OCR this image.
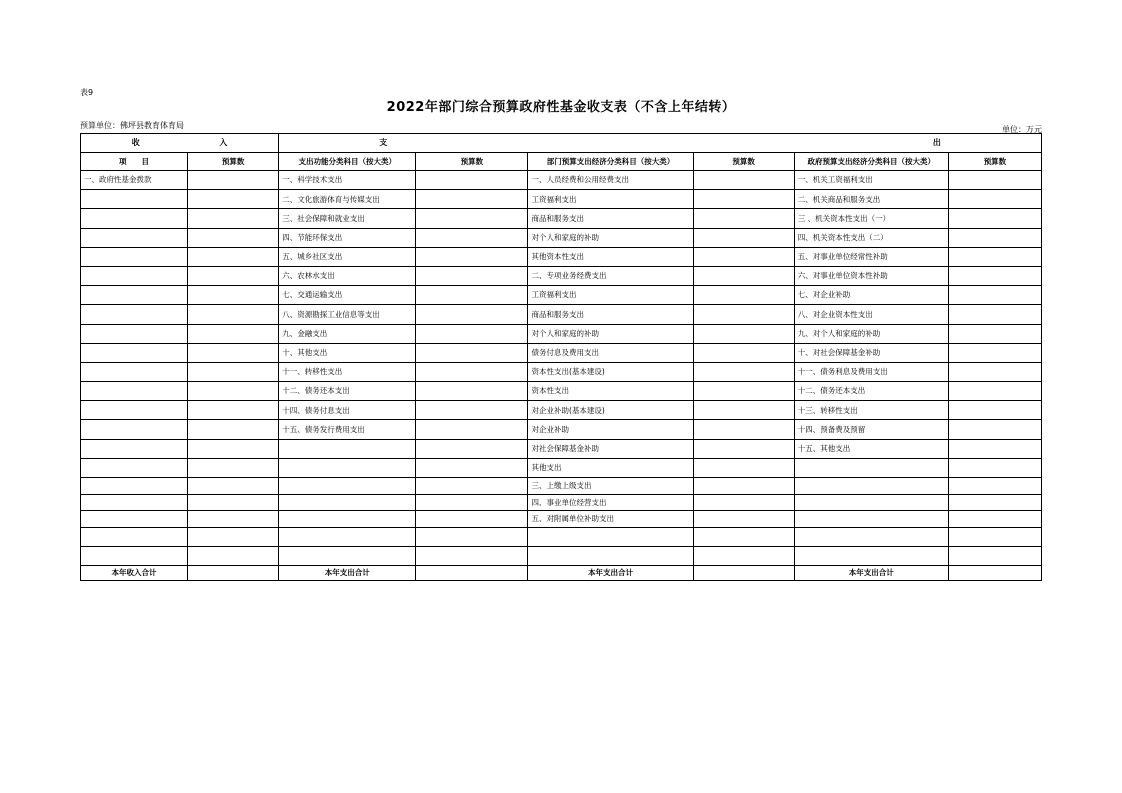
表9
2022年部门综合预算政府性基金收支表（不含上年结转）
预算单位：佛坪县教育体育局	单位：万元
收 入		支 出					
项　　目	预算数	支出功能分类科目（按大类）	预算数	部门预算支出经济分类科目（按大类）	预算数	政府预算支出经济分类科目（按大类）	预算数
一、政府性基金拨款		一、科学技术支出		一、人员经费和公用经费支出		一、机关工资福利支出	
		二、文化旅游体育与传媒支出		工资福利支出		二、机关商品和服务支出	
		三、社会保障和就业支出		商品和服务支出		三 、机关资本性支出（一）	
		四、节能环保支出		对个人和家庭的补助		四、机关资本性支出（二）	
		五、城乡社区支出		其他资本性支出		五、对事业单位经常性补助	
		六、农林水支出		二、专项业务经费支出		六、对事业单位资本性补助	
		七、交通运输支出		工资福利支出		七、对企业补助	
		八、资源勘探工业信息等支出		商品和服务支出		八、对企业资本性支出	
		九、金融支出		对个人和家庭的补助		九、对个人和家庭的补助	
		十、其他支出		债务付息及费用支出		十、对社会保障基金补助	
		十一、转移性支出		资本性支出(基本建设)		十一、债务利息及费用支出	
		十二、债务还本支出		资本性支出		十二、债务还本支出	
		十四、债务付息支出		对企业补助(基本建设)		十三、转移性支出	
		十五、债务发行费用支出		对企业补助		十四、预备费及预留	
				对社会保障基金补助		十五、其他支出	
				其他支出			
				三、上缴上级支出			
				四、事业单位经营支出			
				五、对附属单位补助支出			

本年收入合计		本年支出合计		本年支出合计		本年支出合计	
